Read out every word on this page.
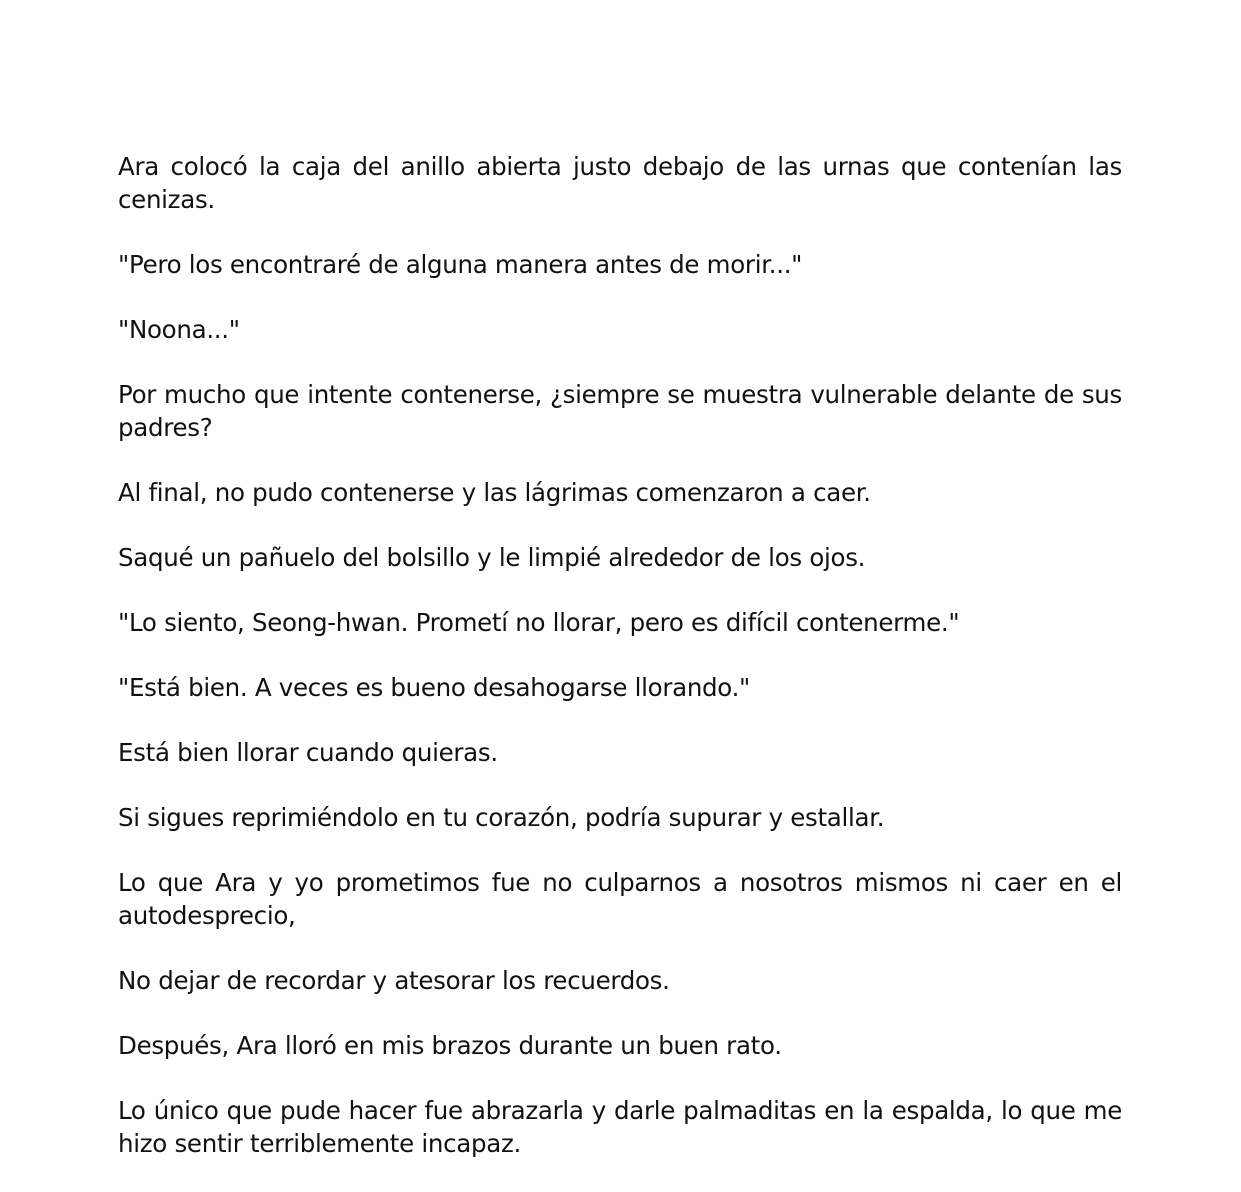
Ara colocó la caja del anillo abierta justo debajo de las urnas que contenían las cenizas.

"Pero los encontraré de alguna manera antes de morir..."

"Noona..."

Por mucho que intente contenerse, ¿siempre se muestra vulnerable delante de sus padres?

Al final, no pudo contenerse y las lágrimas comenzaron a caer.

Saqué un pañuelo del bolsillo y le limpié alrededor de los ojos.

"Lo siento, Seong-hwan. Prometí no llorar, pero es difícil contenerme."

"Está bien. A veces es bueno desahogarse llorando."

Está bien llorar cuando quieras.

Si sigues reprimiéndolo en tu corazón, podría supurar y estallar.

Lo que Ara y yo prometimos fue no culparnos a nosotros mismos ni caer en el autodesprecio,

No dejar de recordar y atesorar los recuerdos.

Después, Ara lloró en mis brazos durante un buen rato.

Lo único que pude hacer fue abrazarla y darle palmaditas en la espalda, lo que me hizo sentir terriblemente incapaz.
